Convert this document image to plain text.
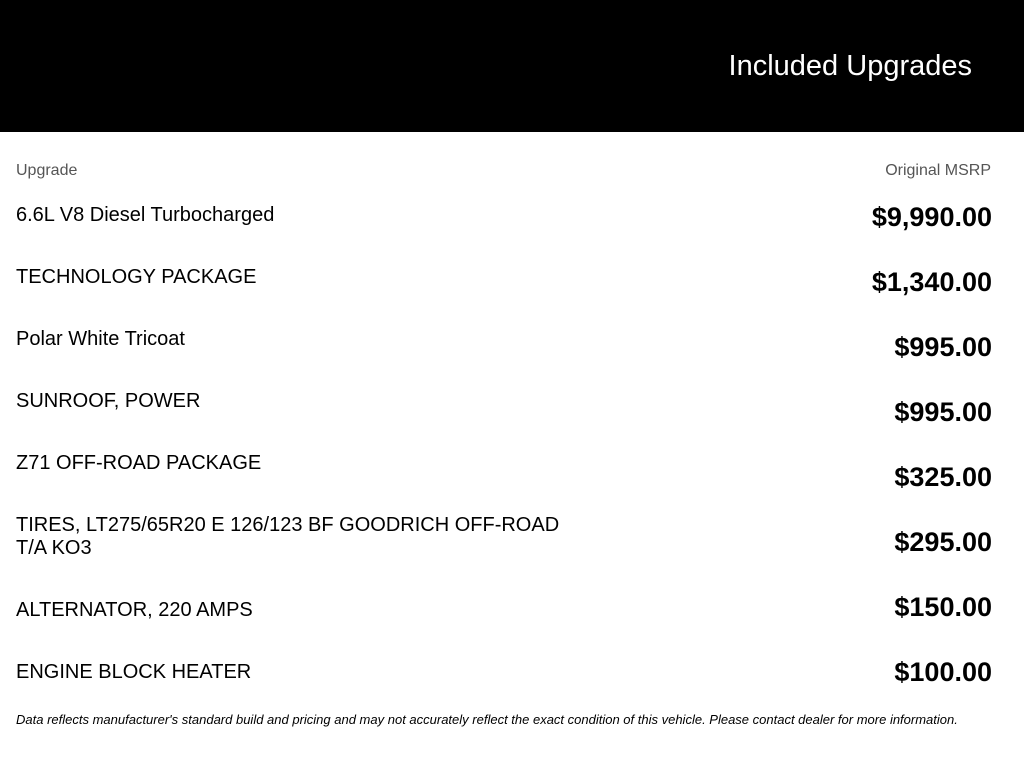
Included Upgrades
Upgrade	Original MSRP
6.6L V8 Diesel Turbocharged	$9,990.00
TECHNOLOGY PACKAGE	$1,340.00
Polar White Tricoat	$995.00
SUNROOF, POWER	$995.00
Z71 OFF-ROAD PACKAGE	$325.00
TIRES, LT275/65R20 E 126/123 BF GOODRICH OFF-ROAD T/A KO3	$295.00
ALTERNATOR, 220 AMPS	$150.00
ENGINE BLOCK HEATER	$100.00
Data reflects manufacturer's standard build and pricing and may not accurately reflect the exact condition of this vehicle. Please contact dealer for more information.
